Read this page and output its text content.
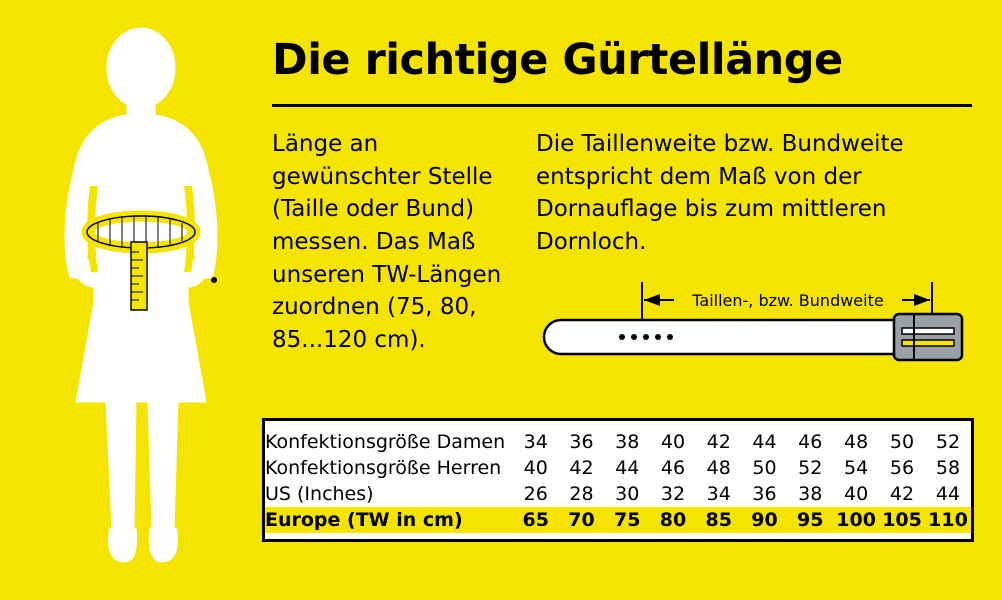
Die richtige Gürtellänge
Länge an gewünschter Stelle (Taille oder Bund) messen. Das Maß unseren TW-Längen zuordnen (75, 80, 85...120 cm).
Die Taillenweite bzw. Bundweite entspricht dem Maß von der Dornauflage bis zum mittleren Dornloch.
Taillen-, bzw. Bundweite
Konfektionsgröße Damen	34	36	38	40	42	44	46	48	50	52
Konfektionsgröße Herren	40	42	44	46	48	50	52	54	56	58
US (Inches)	26	28	30	32	34	36	38	40	42	44
Europe (TW in cm)	65	70	75	80	85	90	95	100	105	110
